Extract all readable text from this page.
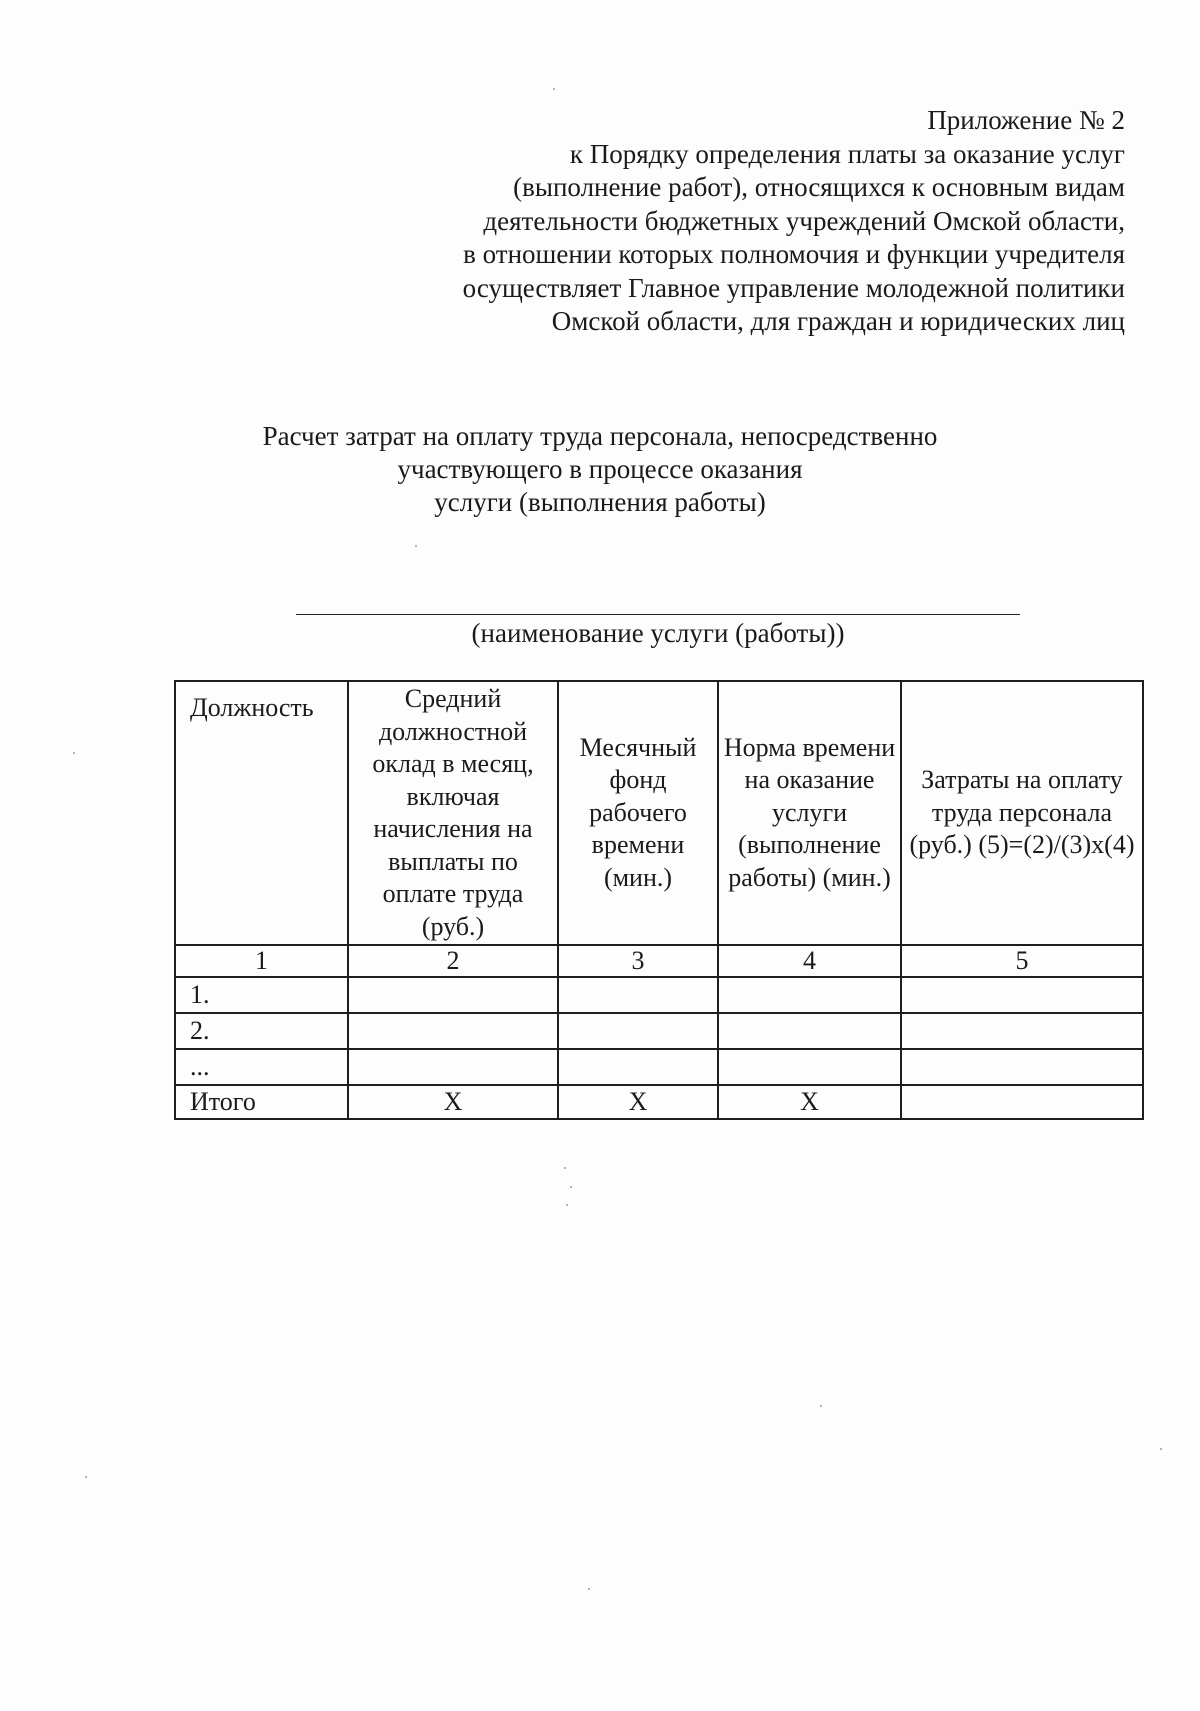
Приложение № 2
к Порядку определения платы за оказание услуг
(выполнение работ), относящихся к основным видам
деятельности бюджетных учреждений Омской области,
в отношении которых полномочия и функции учредителя
осуществляет Главное управление молодежной политики
Омской области, для граждан и юридических лиц
Расчет затрат на оплату труда персонала, непосредственно
участвующего в процессе оказания
услуги (выполнения работы)
(наименование услуги (работы))
Должность	Средний должностной оклад в месяц, включая начисления на выплаты по оплате труда (руб.)	Месячный фонд рабочего времени (мин.)	Норма времени на оказание услуги (выполнение работы) (мин.)	Затраты на оплату труда персонала (руб.) (5)=(2)/(3)х(4)
1	2	3	4	5
1.				
2.				
...				
Итого	Х	Х	Х	
